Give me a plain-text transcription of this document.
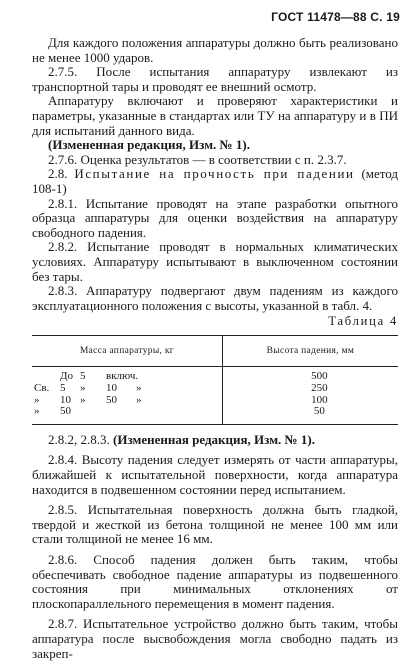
ГОСТ 11478—88 С. 19

Для каждого положения аппаратуры должно быть реализовано не менее 1000 ударов.

2.7.5. После испытания аппаратуру извлекают из транспортной тары и проводят ее внешний осмотр.

Аппаратуру включают и проверяют характеристики и параметры, указанные в стандартах или ТУ на аппаратуру и в ПИ для испытаний данного вида.

(Измененная редакция, Изм. № 1).

2.7.6. Оценка результатов — в соответствии с п. 2.3.7.

2.8. Испытание на прочность при падении (метод 108-1)

2.8.1. Испытание проводят на этапе разработки опытного образца аппаратуры для оценки воздействия на аппаратуру свободного падения.

2.8.2. Испытание проводят в нормальных климатических условиях. Аппаратуру испытывают в выключенном состоянии без тары.

2.8.3. Аппаратуру подвергают двум падениям из каждого эксплуатационного положения с высоты, указанной в табл. 4.

Таблица 4

Масса аппаратуры, кг	Высота падения, мм
До 5 включ.	500
Св. 5 » 10 »	250
» 10 » 50 »	100
» 50	50

2.8.2, 2.8.3. (Измененная редакция, Изм. № 1).

2.8.4. Высоту падения следует измерять от части аппаратуры, ближайшей к испытательной поверхности, когда аппаратура находится в подвешенном состоянии перед испытанием.

2.8.5. Испытательная поверхность должна быть гладкой, твердой и жесткой из бетона толщиной не менее 100 мм или стали толщиной не менее 16 мм.

2.8.6. Способ падения должен быть таким, чтобы обеспечивать свободное падение аппаратуры из подвешенного состояния при минимальных отклонениях от плоскопараллельного перемещения в момент падения.

2.8.7. Испытательное устройство должно быть таким, чтобы аппаратура после высвобождения могла свободно падать из закреп-
